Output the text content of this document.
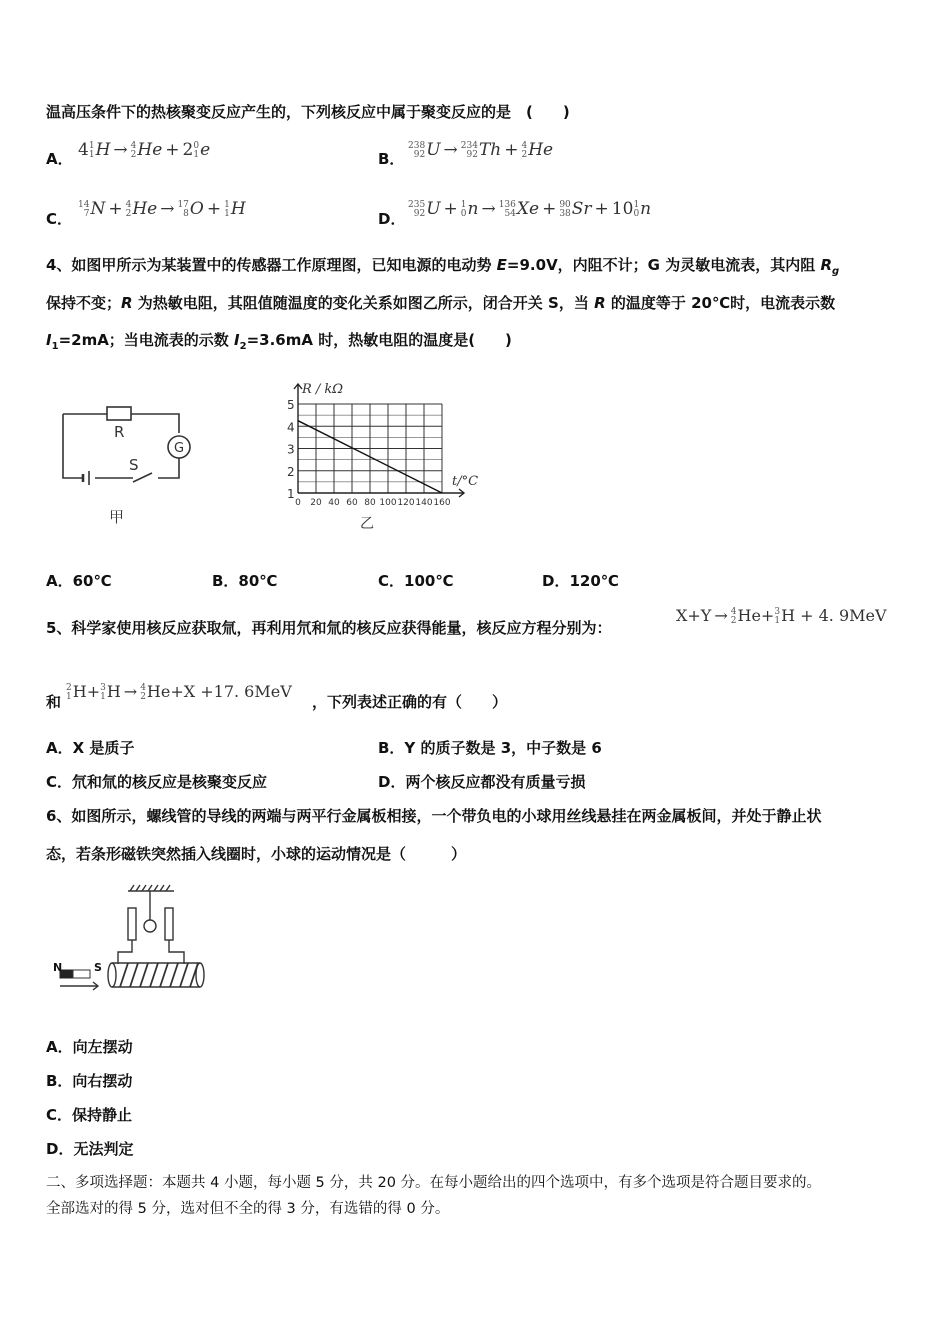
温高压条件下的热核聚变反应产生的，下列核反应中属于聚变反应的是　(　　)
A． 4 1
1 H → 4
2 He + 2 0
1 e	B．
238
92 U → 234
92 Th + 4
2 He
C．
14
7 N + 4
2 He → 17
8 O + 1
1 H	D．
235
92 U + 1
0 n → 136
54 Xe + 90
38 Sr + 10 1
0 n
4、如图甲所示为某装置中的传感器工作原理图，已知电源的电动势 E=9.0V，内阻不计；G 为灵敏电流表，其内阻 $R_g$
保持不变；R 为热敏电阻，其阻值随温度的变化关系如图乙所示，闭合开关 S，当 R 的温度等于 20℃时，电流表示数
$I_1=2mA$；当电流表的示数 $I_2=3.6mA$ 时，热敏电阻的温度是(　　)
R
G
S
甲
1
2
3
4
5
0 20 40 60 80 100 120 140 160
R / kΩ
t/°C
乙
A．60℃	B．80℃	C．100℃	D．120℃
5、科学家使用核反应获取氚，再利用氘和氚的核反应获得能量，核反应方程分别为：
X+Y → 4
2 He+ 3
1 H + 4. 9MeV
和
2
1 H+ 3
1 H → 4
2 He+X +17. 6MeV
，下列表述正确的有（　　）
A．X 是质子	B．Y 的质子数是 3，中子数是 6
C．氘和氚的核反应是核聚变反应	D．两个核反应都没有质量亏损
6、如图所示，螺线管的导线的两端与两平行金属板相接，一个带负电的小球用丝线悬挂在两金属板间，并处于静止状
态，若条形磁铁突然插入线圈时，小球的运动情况是（　　　）
N	S
A．向左摆动
B．向右摆动
C．保持静止
D．无法判定
二、多项选择题：本题共 4 小题，每小题 5 分，共 20 分。在每小题给出的四个选项中，有多个选项是符合题目要求的。
全部选对的得 5 分，选对但不全的得 3 分，有选错的得 0 分。
